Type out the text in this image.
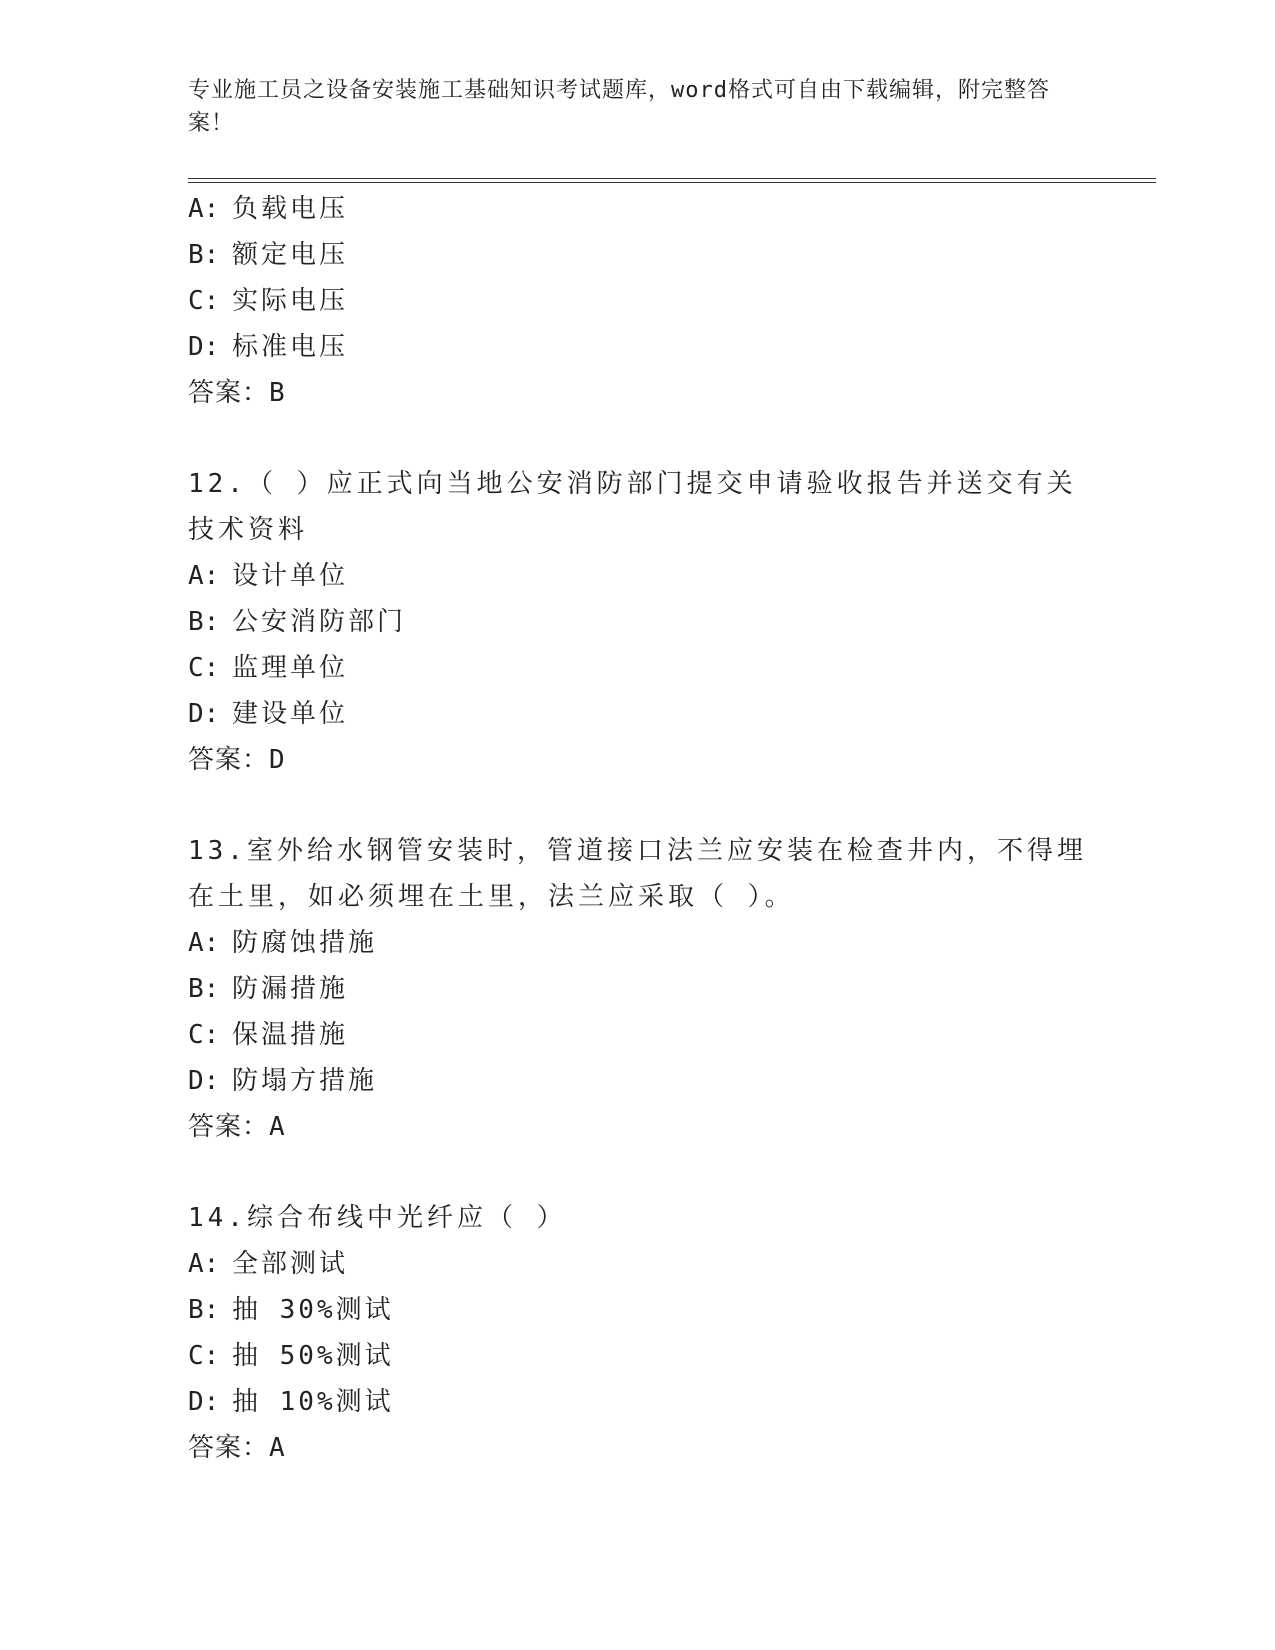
专业施工员之设备安装施工基础知识考试题库，word格式可自由下载编辑，附完整答案！
A: 负载电压
B: 额定电压
C: 实际电压
D: 标准电压
答案：B
12.（ ）应正式向当地公安消防部门提交申请验收报告并送交有关技术资料
A: 设计单位
B: 公安消防部门
C: 监理单位
D: 建设单位
答案：D
13.室外给水钢管安装时，管道接口法兰应安装在检查井内，不得埋在土里，如必须埋在土里，法兰应采取（ ）。
A: 防腐蚀措施
B: 防漏措施
C: 保温措施
D: 防塌方措施
答案：A
14.综合布线中光纤应（ ）
A: 全部测试
B: 抽 30%测试
C: 抽 50%测试
D: 抽 10%测试
答案：A
